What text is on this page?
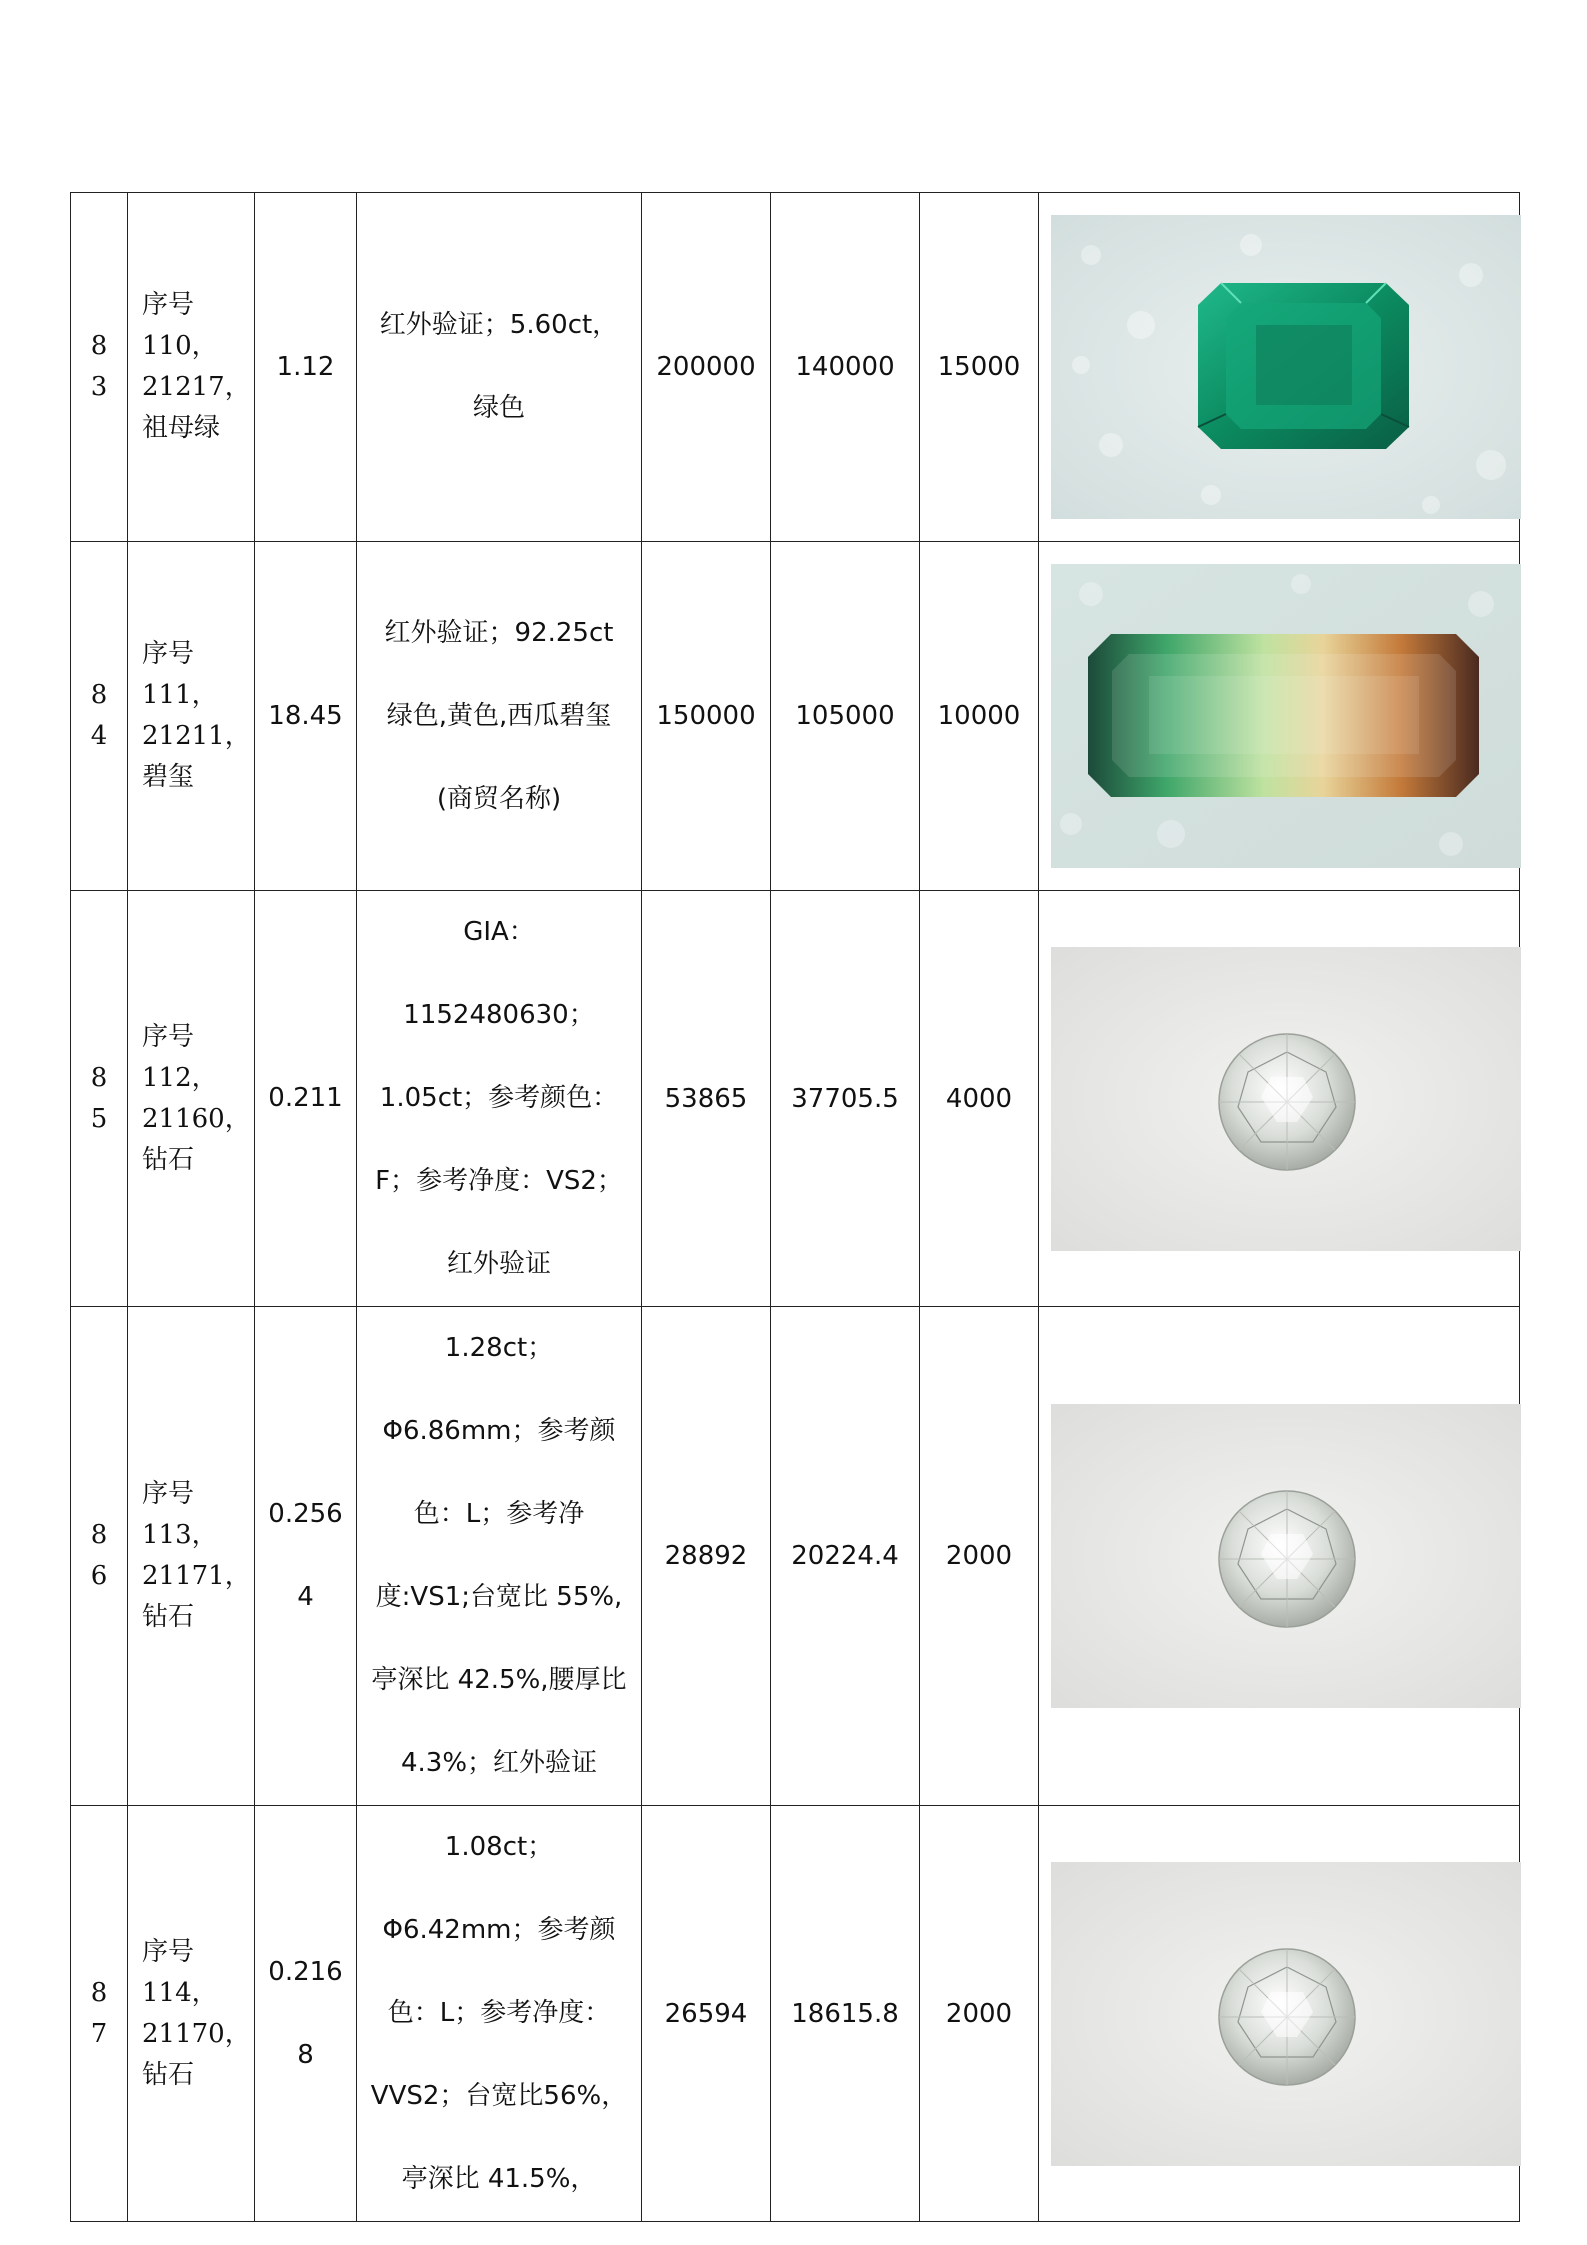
8
3	序号
110，
21217，
祖母绿	1.12	红外验证；5.60ct，绿色	200000	140000	15000	

8
4	序号
111，
21211，
碧玺	18.45	红外验证；92.25ct 绿色,黄色,西瓜碧玺(商贸名称)	150000	105000	10000	

8
5	序号
112，
21160，
钻石	0.211	GIA：1152480630；1.05ct；参考颜色：F；参考净度：VS2；红外验证	53865	37705.5	4000	

8
6	序号
113，
21171，
钻石	0.256
4	1.28ct；Φ6.86mm；参考颜色：L；参考净度:VS1;台宽比 55%,亭深比 42.5%,腰厚比4.3%；红外验证	28892	20224.4	2000	

8
7	序号
114，
21170，
钻石	0.216
8	1.08ct；Φ6.42mm；参考颜色：L；参考净度：VVS2；台宽比56%，亭深比 41.5%，	26594	18615.8	2000	
